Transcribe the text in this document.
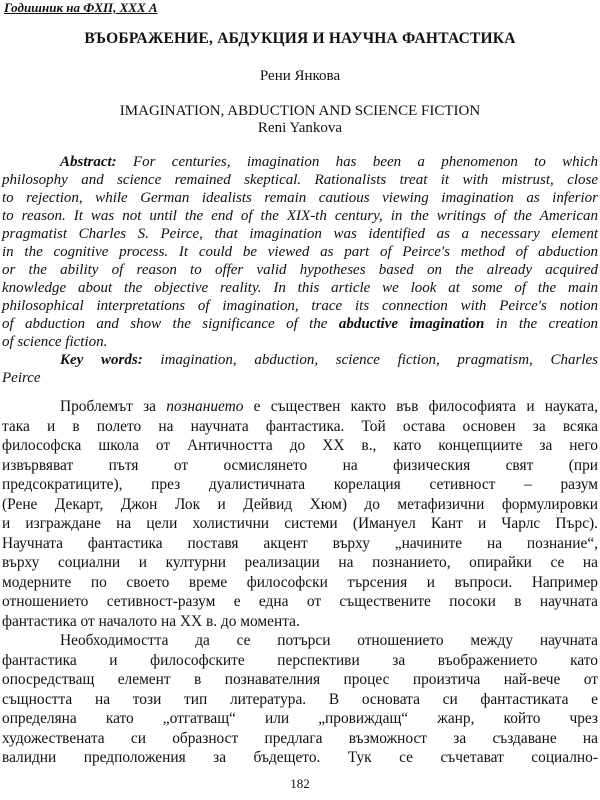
Годишник на ФХП, XXX А
ВЪОБРАЖЕНИЕ, АБДУКЦИЯ И НАУЧНА ФАНТАСТИКА
Рени Янкова
IMAGINATION, ABDUCTION AND SCIENCE FICTION
Reni Yankova
Abstract: For centuries, imagination has been a phenomenon to which
philosophy and science remained skeptical. Rationalists treat it with mistrust, close
to rejection, while German idealists remain cautious viewing imagination as inferior
to reason. It was not until the end of the XIX-th century, in the writings of the American
pragmatist Charles S. Peirce, that imagination was identified as a necessary element
in the cognitive process. It could be viewed as part of Peirce's method of abduction
or the ability of reason to offer valid hypotheses based on the already acquired
knowledge about the objective reality. In this article we look at some of the main
philosophical interpretations of imagination, trace its connection with Peirce's notion
of abduction and show the significance of the abductive imagination in the creation
of science fiction.
Key words: imagination, abduction, science fiction, pragmatism, Charles
Peirce
Проблемът за познанието е съществен както във философията и науката,
така и в полето на научната фантастика. Той остава основен за всяка
философска школа от Античността до XX в., като концепциите за него
извървяват пътя от осмислянето на физическия свят (при
предсократиците), през дуалистичната корелация сетивност – разум
(Рене Декарт, Джон Лок и Дейвид Хюм) до метафизични формулировки
и изграждане на цели холистични системи (Имануел Кант и Чарлс Пърс).
Научната фантастика поставя акцент върху „начините на познание“,
върху социални и културни реализации на познанието, опирайки се на
модерните по своето време философски търсения и въпроси. Например
отношението сетивност-разум е една от съществените посоки в научната
фантастика от началото на XX в. до момента.
Необходимостта да се потърси отношението между научната
фантастика и философските перспективи за въображението като
опосредстващ елемент в познавателния процес произтича най-вече от
същността на този тип литература. В основата си фантастиката е
определяна като „отгатващ“ или „провиждащ“ жанр, който чрез
художествената си образност предлага възможност за създаване на
валидни предположения за бъдещето. Тук се съчетават социално-
182
